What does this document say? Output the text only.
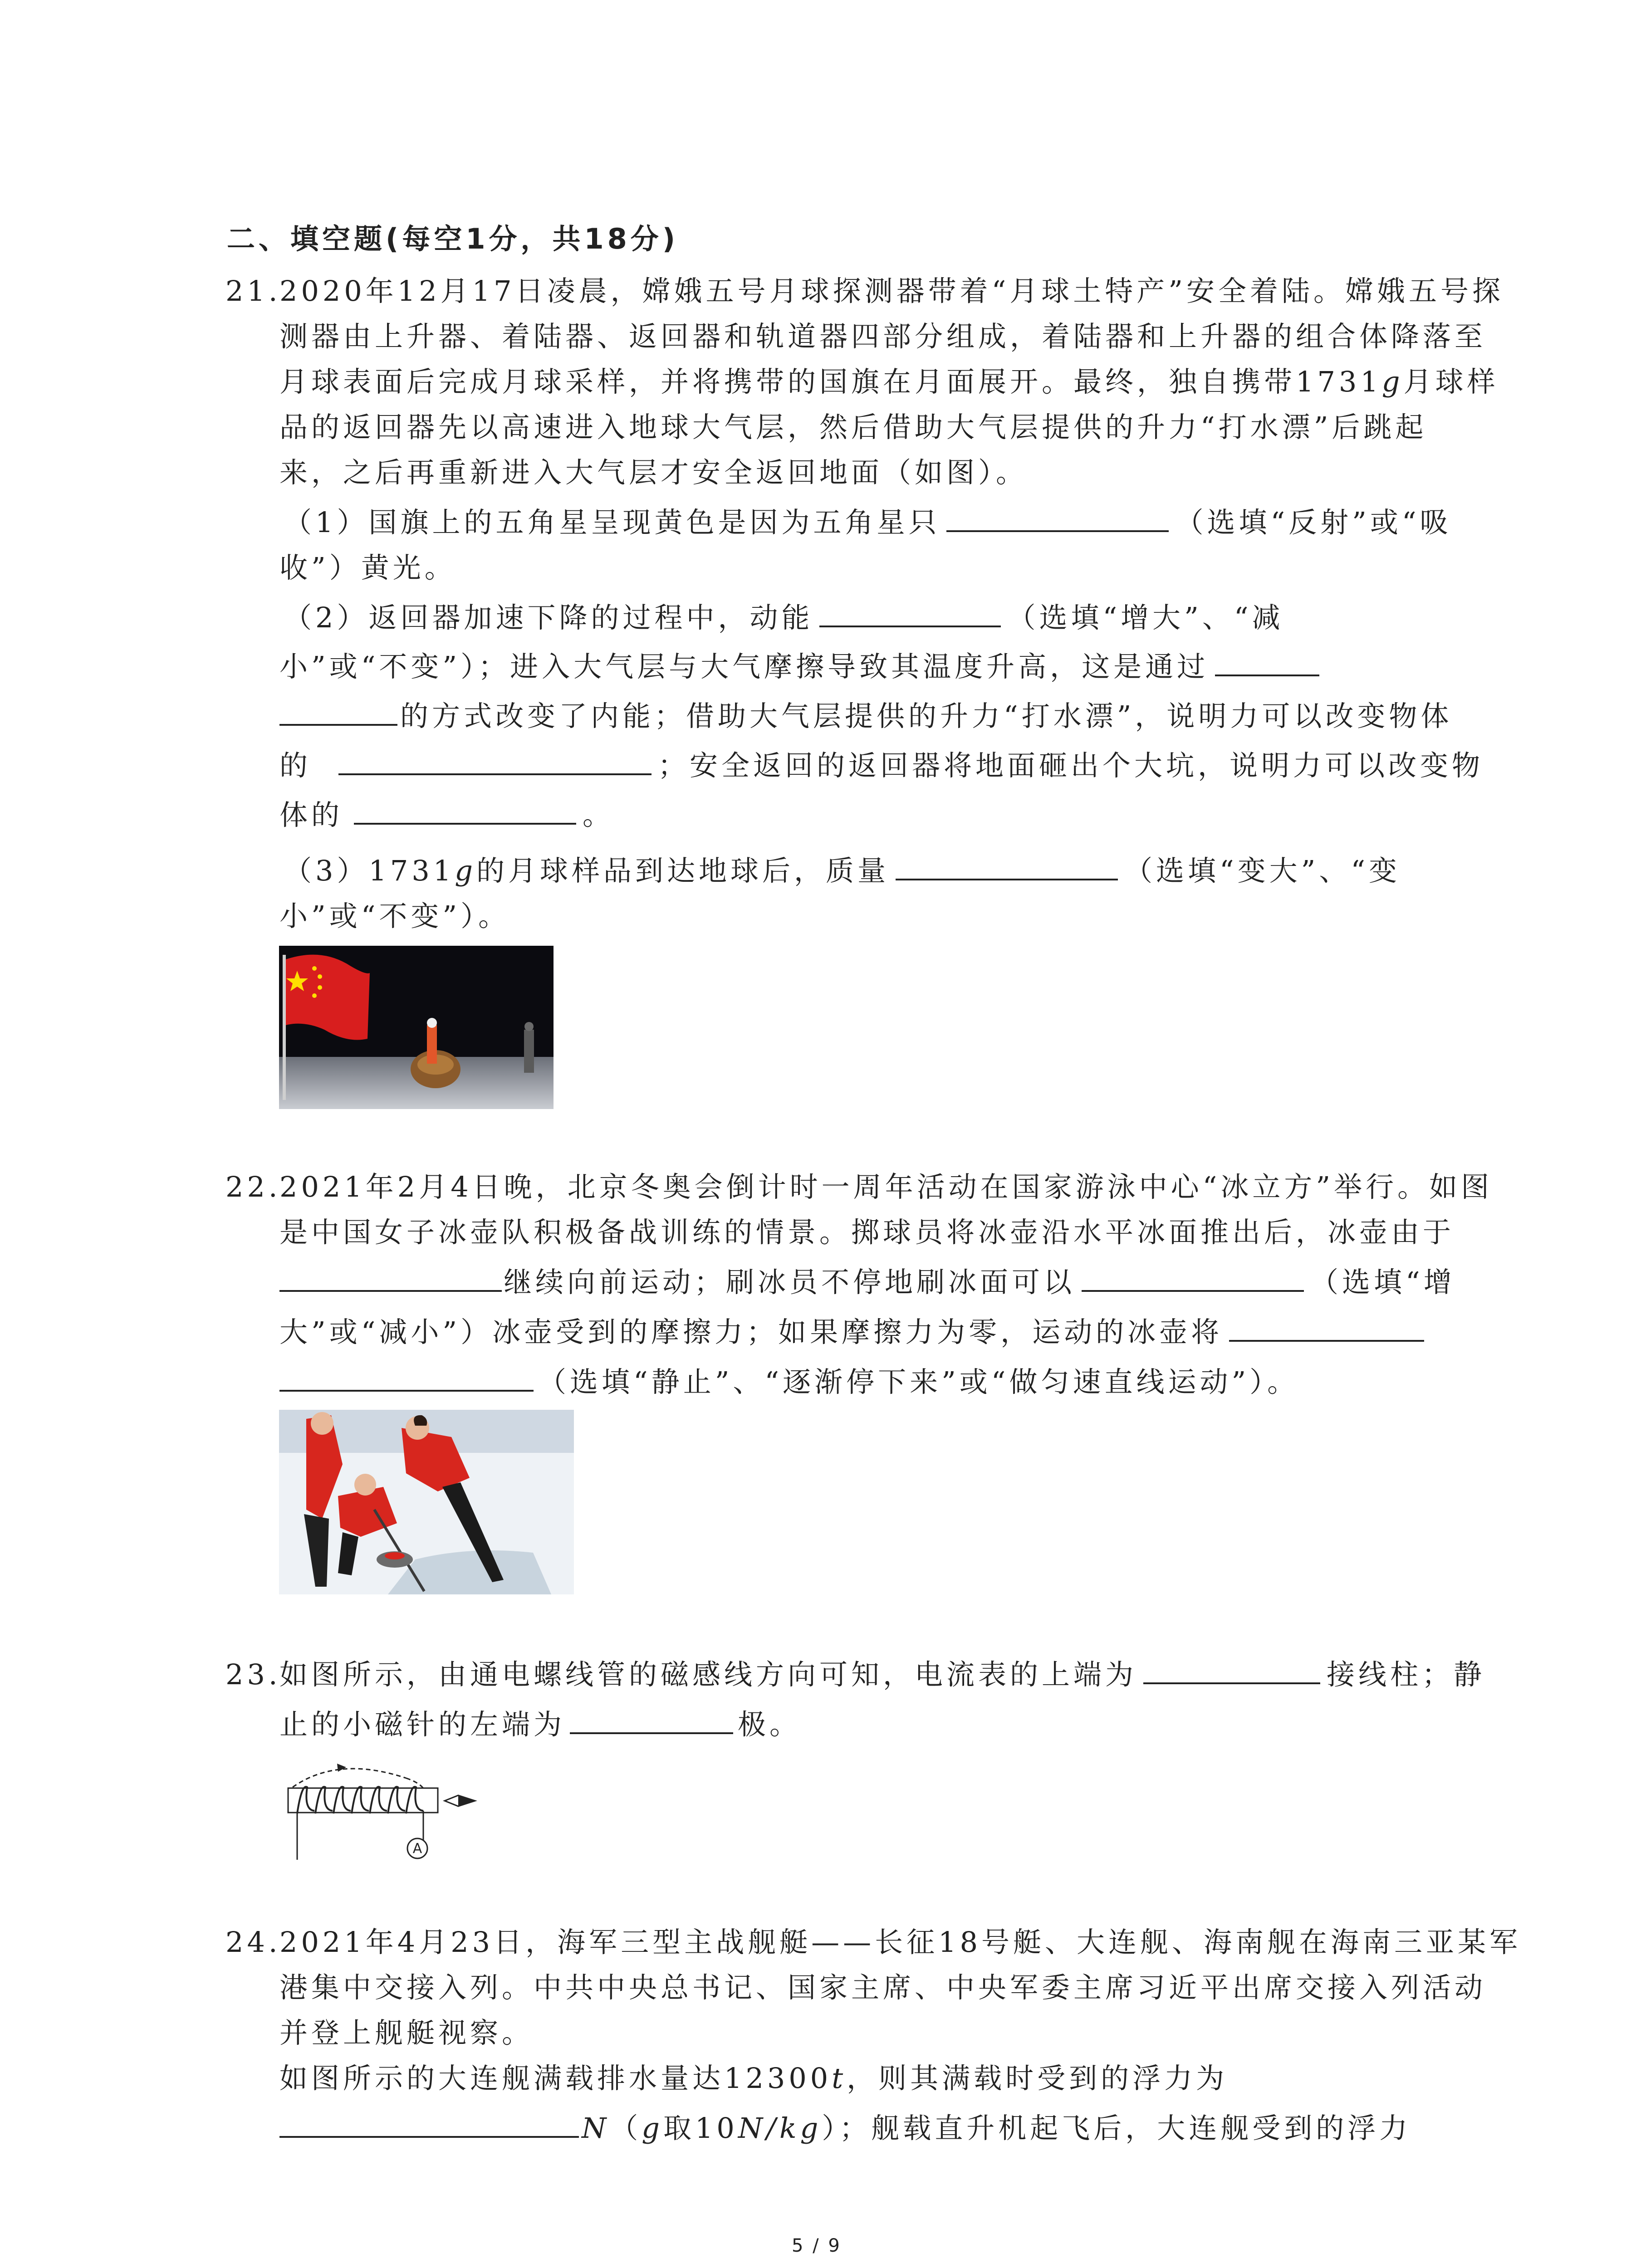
二、填空题(每空1分，共18分)
21.
2020年12月17日凌晨，嫦娥五号月球探测器带着“月球土特产”安全着陆。嫦娥五号探
测器由上升器、着陆器、返回器和轨道器四部分组成，着陆器和上升器的组合体降落至
月球表面后完成月球采样，并将携带的国旗在月面展开。最终，独自携带1731g月球样
品的返回器先以高速进入地球大气层，然后借助大气层提供的升力“打水漂”后跳起
来，之后再重新进入大气层才安全返回地面（如图）。
（1）国旗上的五角星呈现黄色是因为五角星只	（选填“反射”或“吸
收”）黄光。
（2）返回器加速下降的过程中，动能	（选填“增大”、“减
小”或“不变”）；进入大气层与大气摩擦导致其温度升高，这是通过
的方式改变了内能；借助大气层提供的升力“打水漂”，说明力可以改变物体
的	；安全返回的返回器将地面砸出个大坑，说明力可以改变物
体的	。
（3）1731g的月球样品到达地球后，质量	（选填“变大”、“变
小”或“不变”）。
22.
2021年2月4日晚，北京冬奥会倒计时一周年活动在国家游泳中心“冰立方”举行。如图
是中国女子冰壶队积极备战训练的情景。掷球员将冰壶沿水平冰面推出后，冰壶由于
继续向前运动；刷冰员不停地刷冰面可以	（选填“增
大”或“减小”）冰壶受到的摩擦力；如果摩擦力为零，运动的冰壶将
（选填“静止”、“逐渐停下来”或“做匀速直线运动”）。
23.
如图所示，由通电螺线管的磁感线方向可知，电流表的上端为	接线柱；静
止的小磁针的左端为	极。
A
24.
2021年4月23日，海军三型主战舰艇——长征18号艇、大连舰、海南舰在海南三亚某军
港集中交接入列。中共中央总书记、国家主席、中央军委主席习近平出席交接入列活动
并登上舰艇视察。
如图所示的大连舰满载排水量达12300t，则其满载时受到的浮力为
N（g取10N/kg）；舰载直升机起飞后，大连舰受到的浮力
5 / 9
